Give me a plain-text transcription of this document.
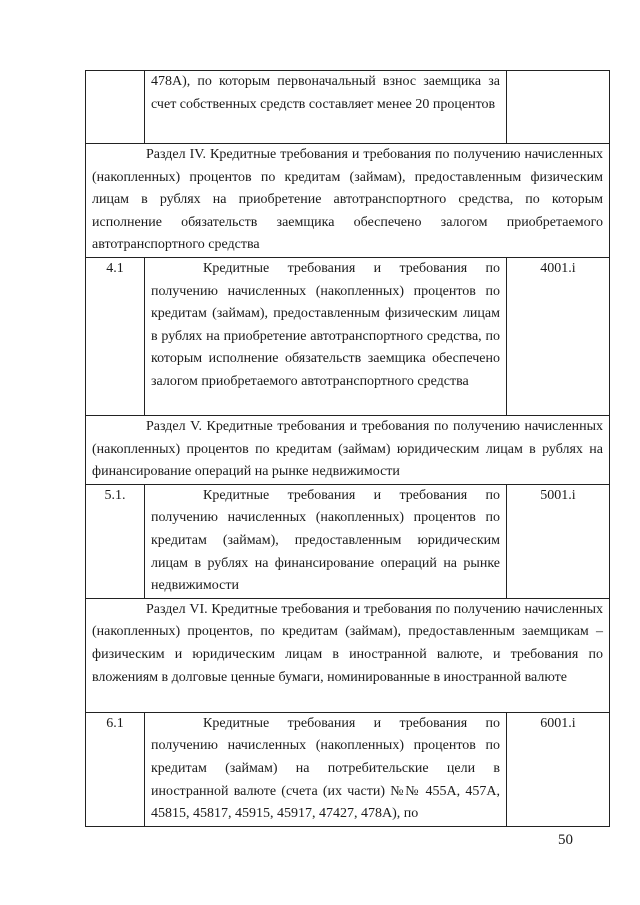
	478А), по которым первоначальный взнос заемщика за счет собственных средств составляет менее 20 процентов	

Раздел IV. Кредитные требования и требования по получению начисленных (накопленных) процентов по кредитам (займам), предоставленным физическим лицам в рублях на приобретение автотранспортного средства, по которым исполнение обязательств заемщика обеспечено залогом приобретаемого автотранспортного средства		

4.1	Кредитные требования и требования по получению начисленных (накопленных) процентов по кредитам (займам), предоставленным физическим лицам в рублях на приобретение автотранспортного средства, по которым исполнение обязательств заемщика обеспечено залогом приобретаемого автотранспортного средства	4001.i

Раздел V. Кредитные требования и требования по получению начисленных (накопленных) процентов по кредитам (займам) юридическим лицам в рублях на финансирование операций на рынке недвижимости		

5.1.	Кредитные требования и требования по получению начисленных (накопленных) процентов по кредитам (займам), предоставленным юридическим лицам в рублях на финансирование операций на рынке недвижимости	5001.i

Раздел VI. Кредитные требования и требования по получению начисленных (накопленных) процентов, по кредитам (займам), предоставленным заемщикам – физическим и юридическим лицам в иностранной валюте, и требования по вложениям в долговые ценные бумаги, номинированные в иностранной валюте		

6.1	Кредитные требования и требования по получению начисленных (накопленных) процентов по кредитам (займам) на потребительские цели в иностранной валюте (счета (их части) №№ 455А, 457А, 45815, 45817, 45915, 45917, 47427, 478А), по	6001.i
50
